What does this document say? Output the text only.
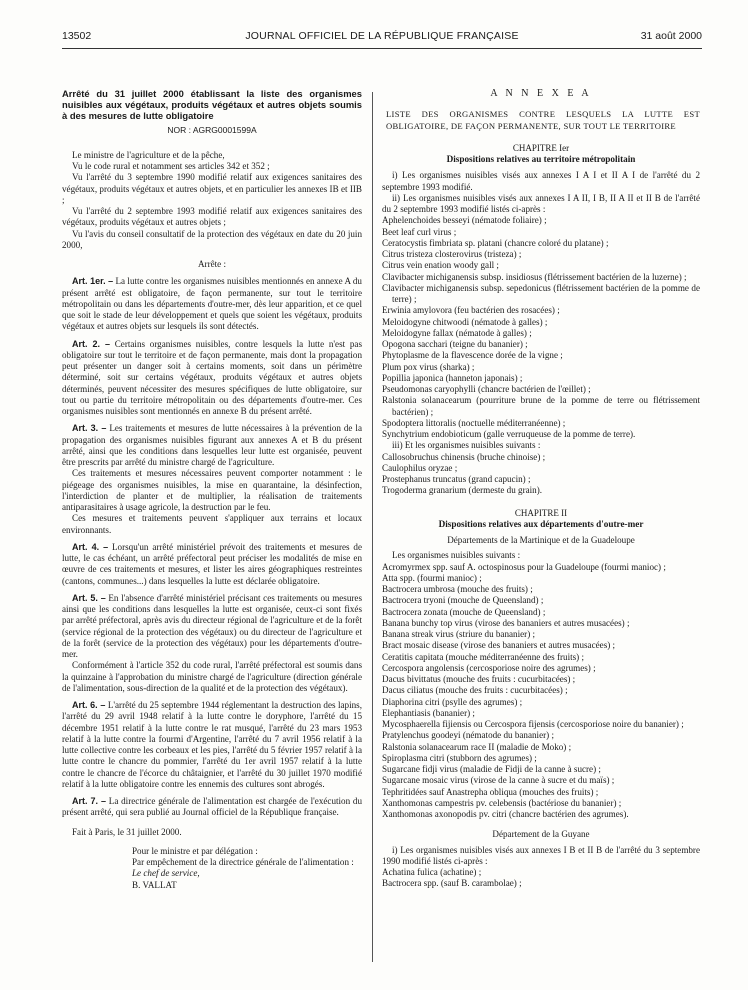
13502	JOURNAL OFFICIEL DE LA RÉPUBLIQUE FRANÇAISE	31 août 2000

Arrêté du 31 juillet 2000 établissant la liste des organismes nuisibles aux végétaux, produits végétaux et autres objets soumis à des mesures de lutte obligatoire

NOR : AGRG0001599A

Le ministre de l'agriculture et de la pêche,

Vu le code rural et notamment ses articles 342 et 352 ;

Vu l'arrêté du 3 septembre 1990 modifié relatif aux exigences sanitaires des végétaux, produits végétaux et autres objets, et en particulier les annexes IB et IIB ;

Vu l'arrêté du 2 septembre 1993 modifié relatif aux exigences sanitaires des végétaux, produits végétaux et autres objets ;

Vu l'avis du conseil consultatif de la protection des végétaux en date du 20 juin 2000,

Arrête :

Art. 1er. – La lutte contre les organismes nuisibles mentionnés en annexe A du présent arrêté est obligatoire, de façon permanente, sur tout le territoire métropolitain ou dans les départements d'outre-mer, dès leur apparition, et ce quel que soit le stade de leur développement et quels que soient les végétaux, produits végétaux et autres objets sur lesquels ils sont détectés.

Art. 2. – Certains organismes nuisibles, contre lesquels la lutte n'est pas obligatoire sur tout le territoire et de façon permanente, mais dont la propagation peut présenter un danger soit à certains moments, soit dans un périmètre déterminé, soit sur certains végétaux, produits végétaux et autres objets déterminés, peuvent nécessiter des mesures spécifiques de lutte obligatoire, sur tout ou partie du territoire métropolitain ou des départements d'outre-mer. Ces organismes nuisibles sont mentionnés en annexe B du présent arrêté.

Art. 3. – Les traitements et mesures de lutte nécessaires à la prévention de la propagation des organismes nuisibles figurant aux annexes A et B du présent arrêté, ainsi que les conditions dans lesquelles leur lutte est organisée, peuvent être prescrits par arrêté du ministre chargé de l'agriculture.

Ces traitements et mesures nécessaires peuvent comporter notamment : le piégeage des organismes nuisibles, la mise en quarantaine, la désinfection, l'interdiction de planter et de multiplier, la réalisation de traitements antiparasitaires à usage agricole, la destruction par le feu.

Ces mesures et traitements peuvent s'appliquer aux terrains et locaux environnants.

Art. 4. – Lorsqu'un arrêté ministériel prévoit des traitements et mesures de lutte, le cas échéant, un arrêté préfectoral peut préciser les modalités de mise en œuvre de ces traitements et mesures, et lister les aires géographiques restreintes (cantons, communes...) dans lesquelles la lutte est déclarée obligatoire.

Art. 5. – En l'absence d'arrêté ministériel précisant ces traitements ou mesures ainsi que les conditions dans lesquelles la lutte est organisée, ceux-ci sont fixés par arrêté préfectoral, après avis du directeur régional de l'agriculture et de la forêt (service régional de la protection des végétaux) ou du directeur de l'agriculture et de la forêt (service de la protection des végétaux) pour les départements d'outre-mer.

Conformément à l'article 352 du code rural, l'arrêté préfectoral est soumis dans la quinzaine à l'approbation du ministre chargé de l'agriculture (direction générale de l'alimentation, sous-direction de la qualité et de la protection des végétaux).

Art. 6. – L'arrêté du 25 septembre 1944 réglementant la destruction des lapins, l'arrêté du 29 avril 1948 relatif à la lutte contre le doryphore, l'arrêté du 15 décembre 1951 relatif à la lutte contre le rat musqué, l'arrêté du 23 mars 1953 relatif à la lutte contre la fourmi d'Argentine, l'arrêté du 7 avril 1956 relatif à la lutte collective contre les corbeaux et les pies, l'arrêté du 5 février 1957 relatif à la lutte contre le chancre du pommier, l'arrêté du 1er avril 1957 relatif à la lutte contre le chancre de l'écorce du châtaignier, et l'arrêté du 30 juillet 1970 modifié relatif à la lutte obligatoire contre les ennemis des cultures sont abrogés.

Art. 7. – La directrice générale de l'alimentation est chargée de l'exécution du présent arrêté, qui sera publié au Journal officiel de la République française.

Fait à Paris, le 31 juillet 2000.

Pour le ministre et par délégation :

Par empêchement de la directrice générale de l'alimentation :

Le chef de service,

B. VALLAT

A N N E X E A

LISTE DES ORGANISMES CONTRE LESQUELS LA LUTTE EST OBLIGATOIRE, DE FAÇON PERMANENTE, SUR TOUT LE TERRITOIRE

CHAPITRE Ier
Dispositions relatives au territoire métropolitain

i) Les organismes nuisibles visés aux annexes I A I et II A I de l'arrêté du 2 septembre 1993 modifié.

ii) Les organismes nuisibles visés aux annexes I A II, I B, II A II et II B de l'arrêté du 2 septembre 1993 modifié listés ci-après :

Aphelenchoides besseyi (nématode foliaire) ;

Beet leaf curl virus ;

Ceratocystis fimbriata sp. platani (chancre coloré du platane) ;

Citrus tristeza closterovirus (tristeza) ;

Citrus vein enation woody gall ;

Clavibacter michiganensis subsp. insidiosus (flétrissement bactérien de la luzerne) ;

Clavibacter michiganensis subsp. sepedonicus (flétrissement bactérien de la pomme de terre) ;

Erwinia amylovora (feu bactérien des rosacées) ;

Meloidogyne chitwoodi (nématode à galles) ;

Meloidogyne fallax (nématode à galles) ;

Opogona sacchari (teigne du bananier) ;

Phytoplasme de la flavescence dorée de la vigne ;

Plum pox virus (sharka) ;

Popillia japonica (hanneton japonais) ;

Pseudomonas caryophylli (chancre bactérien de l'œillet) ;

Ralstonia solanacearum (pourriture brune de la pomme de terre ou flétrissement bactérien) ;

Spodoptera littoralis (noctuelle méditerranéenne) ;

Synchytrium endobioticum (galle verruqueuse de la pomme de terre).

iii) Et les organismes nuisibles suivants :

Callosobruchus chinensis (bruche chinoise) ;

Caulophilus oryzae ;

Prostephanus truncatus (grand capucin) ;

Trogoderma granarium (dermeste du grain).

CHAPITRE II
Dispositions relatives aux départements d'outre-mer
Départements de la Martinique et de la Guadeloupe

Les organismes nuisibles suivants :

Acromyrmex spp. sauf A. octospinosus pour la Guadeloupe (fourmi manioc) ;

Atta spp. (fourmi manioc) ;

Bactrocera umbrosa (mouche des fruits) ;

Bactrocera tryoni (mouche de Queensland) ;

Bactrocera zonata (mouche de Queensland) ;

Banana bunchy top virus (virose des bananiers et autres musacées) ;

Banana streak virus (striure du bananier) ;

Bract mosaic disease (virose des bananiers et autres musacées) ;

Ceratitis capitata (mouche méditerranéenne des fruits) ;

Cercospora angolensis (cercosporiose noire des agrumes) ;

Dacus bivittatus (mouche des fruits : cucurbitacées) ;

Dacus ciliatus (mouche des fruits : cucurbitacées) ;

Diaphorina citri (psylle des agrumes) ;

Elephantiasis (bananier) ;

Mycosphaerella fijiensis ou Cercospora fijensis (cercosporiose noire du bananier) ;

Pratylenchus goodeyi (nématode du bananier) ;

Ralstonia solanacearum race II (maladie de Moko) ;

Spiroplasma citri (stubborn des agrumes) ;

Sugarcane fidji virus (maladie de Fidji de la canne à sucre) ;

Sugarcane mosaic virus (virose de la canne à sucre et du maïs) ;

Tephritidées sauf Anastrepha obliqua (mouches des fruits) ;

Xanthomonas campestris pv. celebensis (bactériose du bananier) ;

Xanthomonas axonopodis pv. citri (chancre bactérien des agrumes).

Département de la Guyane

i) Les organismes nuisibles visés aux annexes I B et II B de l'arrêté du 3 septembre 1990 modifié listés ci-après :

Achatina fulica (achatine) ;

Bactrocera spp. (sauf B. carambolae) ;
